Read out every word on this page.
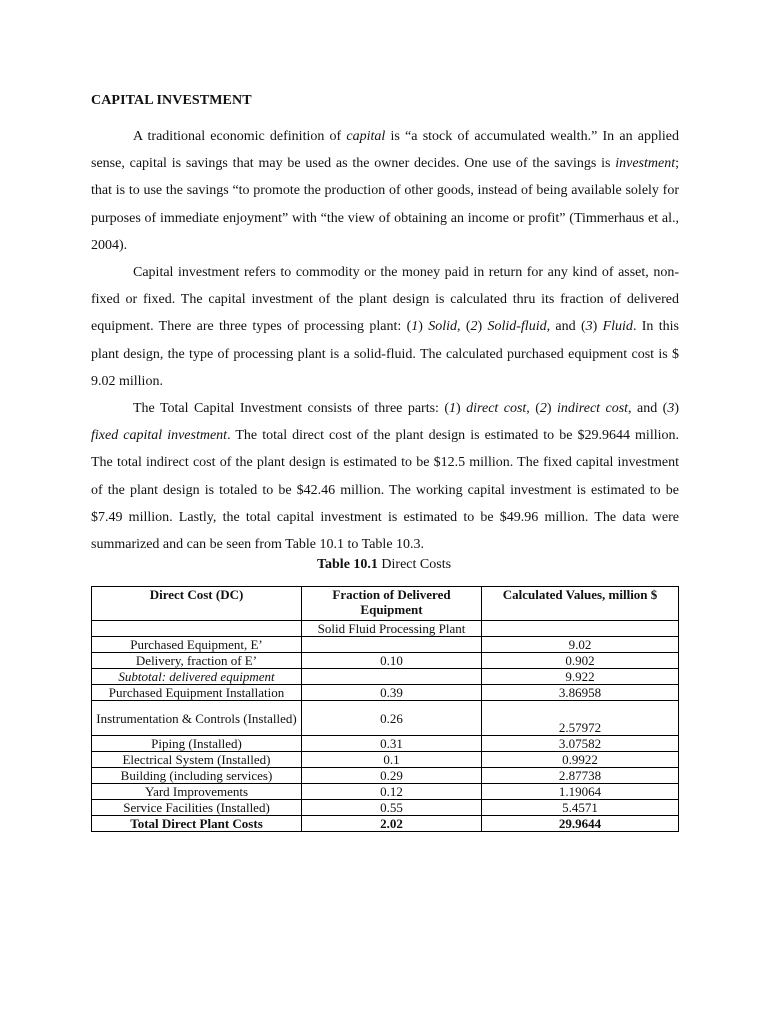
CAPITAL INVESTMENT

A traditional economic definition of capital is “a stock of accumulated wealth.” In an applied sense, capital is savings that may be used as the owner decides. One use of the savings is investment; that is to use the savings “to promote the production of other goods, instead of being available solely for purposes of immediate enjoyment” with “the view of obtaining an income or profit” (Timmerhaus et al., 2004).

Capital investment refers to commodity or the money paid in return for any kind of asset, non-fixed or fixed. The capital investment of the plant design is calculated thru its fraction of delivered equipment. There are three types of processing plant: (1) Solid, (2) Solid-fluid, and (3) Fluid. In this plant design, the type of processing plant is a solid-fluid. The calculated purchased equipment cost is $ 9.02 million.

The Total Capital Investment consists of three parts: (1) direct cost, (2) indirect cost, and (3) fixed capital investment. The total direct cost of the plant design is estimated to be $29.9644 million. The total indirect cost of the plant design is estimated to be $12.5 million. The fixed capital investment of the plant design is totaled to be $42.46 million. The working capital investment is estimated to be $7.49 million. Lastly, the total capital investment is estimated to be $49.96 million. The data were summarized and can be seen from Table 10.1 to Table 10.3.

Table 10.1 Direct Costs
Direct Cost (DC)	Fraction of Delivered Equipment	Calculated Values, million $
	Solid Fluid Processing Plant	
Purchased Equipment, E’		9.02
Delivery, fraction of E’	0.10	0.902
Subtotal: delivered equipment		9.922
Purchased Equipment Installation	0.39	3.86958
Instrumentation & Controls (Installed)	0.26	2.57972
Piping (Installed)	0.31	3.07582
Electrical System (Installed)	0.1	0.9922
Building (including services)	0.29	2.87738
Yard Improvements	0.12	1.19064
Service Facilities (Installed)	0.55	5.4571
Total Direct Plant Costs	2.02	29.9644
